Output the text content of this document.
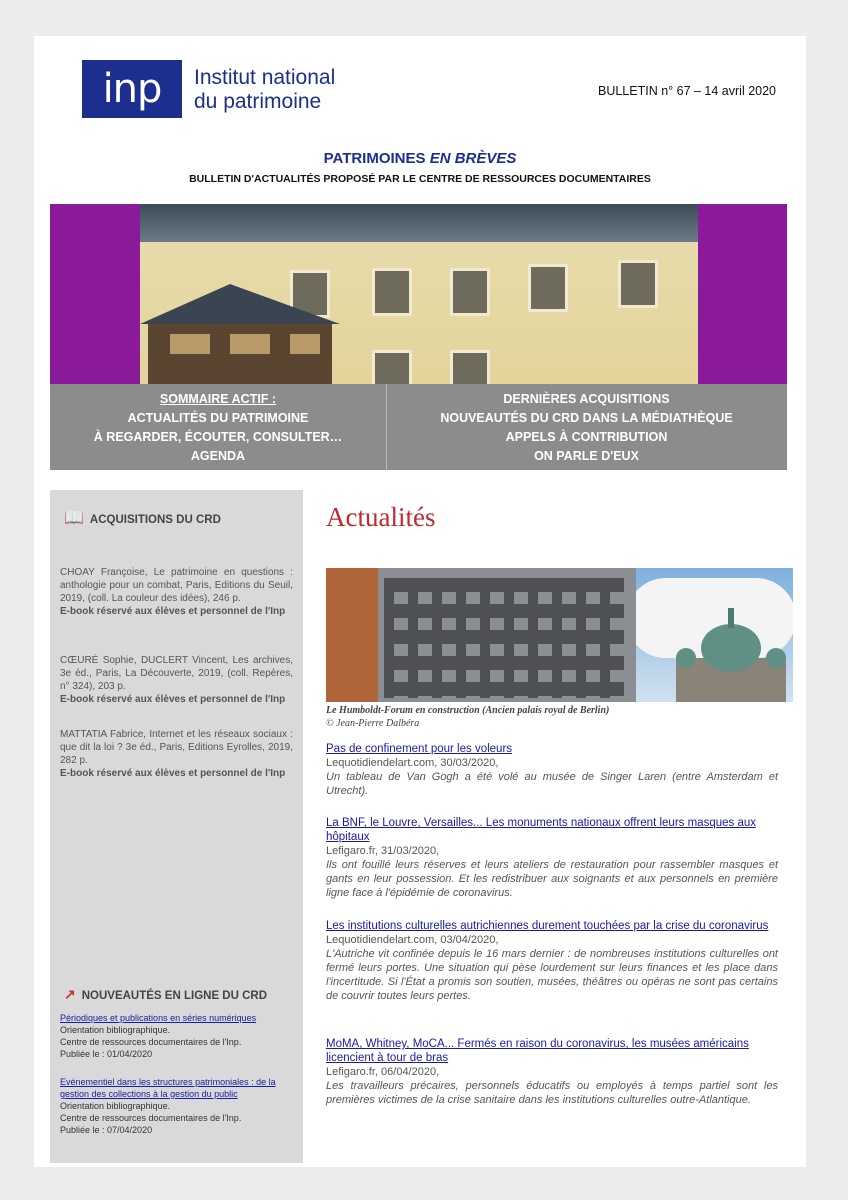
inp	Institut national
du patrimoine	BULLETIN n° 67 – 14 avril 2020
PATRIMOINES EN BRÈVES
BULLETIN D'ACTUALITÉS PROPOSÉ PAR LE CENTRE DE RESSOURCES DOCUMENTAIRES
SOMMAIRE ACTIF :
ACTUALITÉS DU PATRIMOINE
À REGARDER, ÉCOUTER, CONSULTER…
AGENDA
DERNIÈRES ACQUISITIONS
NOUVEAUTÉS DU CRD DANS LA MÉDIATHÈQUE
APPELS À CONTRIBUTION
ON PARLE D'EUX
📖 ACQUISITIONS DU CRD
CHOAY Françoise, Le patrimoine en questions : anthologie pour un combat, Paris, Editions du Seuil, 2019, (coll. La couleur des idées), 246 p.
E-book réservé aux élèves et personnel de l'Inp
CŒURÉ Sophie, DUCLERT Vincent, Les archives, 3e éd., Paris, La Découverte, 2019, (coll. Repères, n° 324), 203 p.
E-book réservé aux élèves et personnel de l'Inp
MATTATIA Fabrice, Internet et les réseaux sociaux : que dit la loi ? 3e éd., Paris, Editions Eyrolles, 2019, 282 p.
E-book réservé aux élèves et personnel de l'Inp
↗ NOUVEAUTÉS EN LIGNE DU CRD
Périodiques et publications en séries numériques
Orientation bibliographique.
Centre de ressources documentaires de l'Inp.
Publiée le : 01/04/2020
Evénementiel dans les structures patrimoniales : de la gestion des collections à la gestion du public
Orientation bibliographique.
Centre de ressources documentaires de l'Inp.
Publiée le : 07/04/2020
Actualités
Le Humboldt-Forum en construction (Ancien palais royal de Berlin)
© Jean-Pierre Dalbéra
Pas de confinement pour les voleurs
Lequotidiendelart.com, 30/03/2020,
Un tableau de Van Gogh a été volé au musée de Singer Laren (entre Amsterdam et Utrecht).
La BNF, le Louvre, Versailles... Les monuments nationaux offrent leurs masques aux hôpitaux
Lefigaro.fr, 31/03/2020,
Ils ont fouillé leurs réserves et leurs ateliers de restauration pour rassembler masques et gants en leur possession. Et les redistribuer aux soignants et aux personnels en première ligne face à l'épidémie de coronavirus.
Les institutions culturelles autrichiennes durement touchées par la crise du coronavirus
Lequotidiendelart.com, 03/04/2020,
L'Autriche vit confinée depuis le 16 mars dernier : de nombreuses institutions culturelles ont fermé leurs portes. Une situation qui pèse lourdement sur leurs finances et les place dans l'incertitude. Si l'État a promis son soutien, musées, théâtres ou opéras ne sont pas certains de couvrir toutes leurs pertes.
MoMA, Whitney, MoCA... Fermés en raison du coronavirus, les musées américains licencient à tour de bras
Lefigaro.fr, 06/04/2020,
Les travailleurs précaires, personnels éducatifs ou employés à temps partiel sont les premières victimes de la crise sanitaire dans les institutions culturelles outre-Atlantique.
